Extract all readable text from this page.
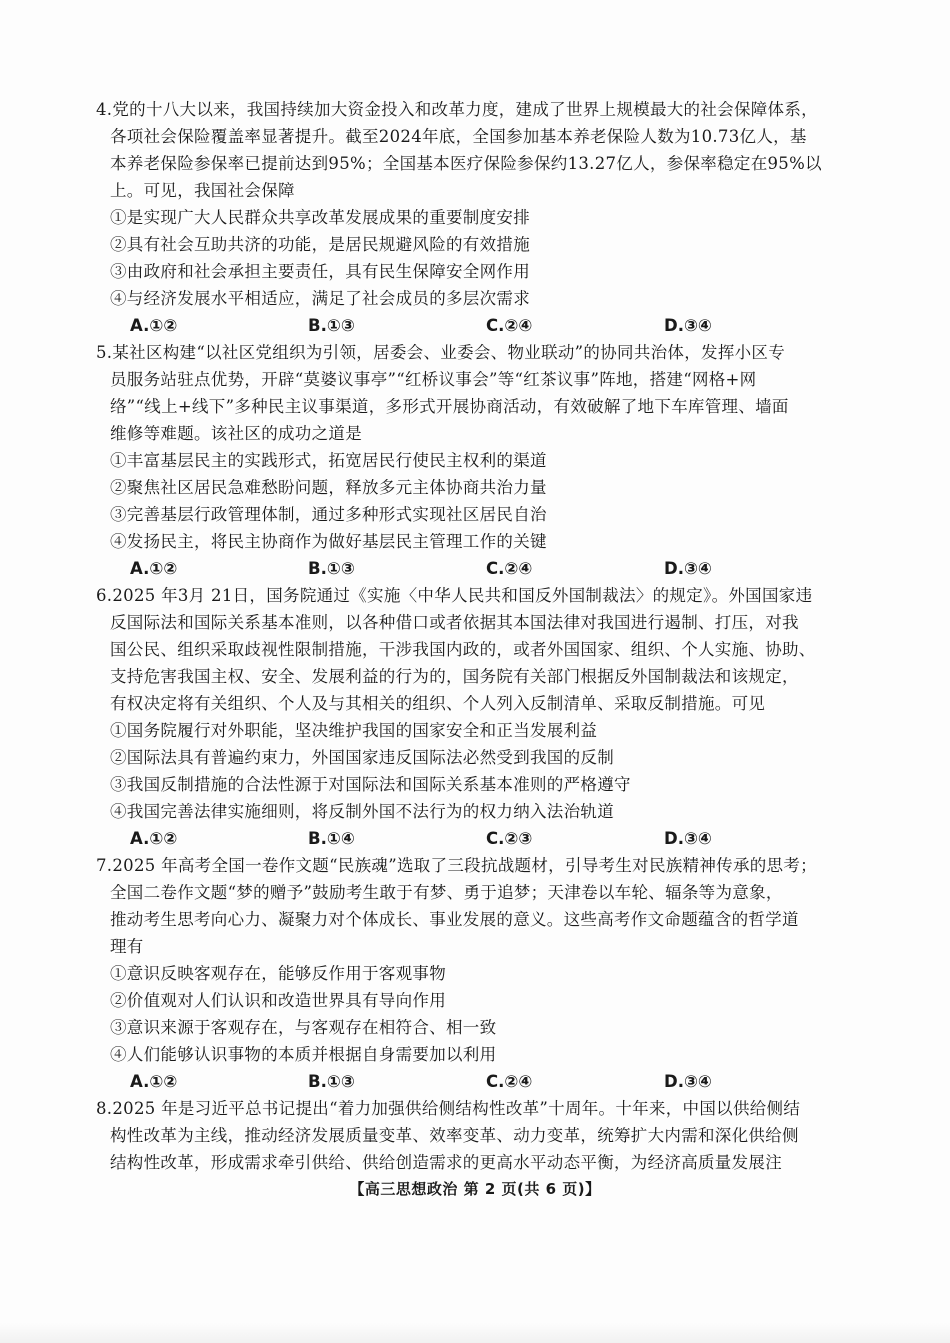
4.党的十八大以来，我国持续加大资金投入和改革力度，建成了世界上规模最大的社会保障体系，
各项社会保险覆盖率显著提升。截至2024年底，全国参加基本养老保险人数为10.73亿人，基
本养老保险参保率已提前达到95%；全国基本医疗保险参保约13.27亿人，参保率稳定在95%以
上。可见，我国社会保障
①是实现广大人民群众共享改革发展成果的重要制度安排
②具有社会互助共济的功能，是居民规避风险的有效措施
③由政府和社会承担主要责任，具有民生保障安全网作用
④与经济发展水平相适应，满足了社会成员的多层次需求
A.①②	B.①③	C.②④	D.③④
5.某社区构建“以社区党组织为引领，居委会、业委会、物业联动”的协同共治体，发挥小区专
员服务站驻点优势，开辟“莫婆议事亭”“红桥议事会”等“红茶议事”阵地，搭建“网格+网
络”“线上+线下”多种民主议事渠道，多形式开展协商活动，有效破解了地下车库管理、墙面
维修等难题。该社区的成功之道是
①丰富基层民主的实践形式，拓宽居民行使民主权利的渠道
②聚焦社区居民急难愁盼问题，释放多元主体协商共治力量
③完善基层行政管理体制，通过多种形式实现社区居民自治
④发扬民主，将民主协商作为做好基层民主管理工作的关键
A.①②	B.①③	C.②④	D.③④
6.2025 年3月 21日，国务院通过《实施〈中华人民共和国反外国制裁法〉的规定》。外国国家违
反国际法和国际关系基本准则，以各种借口或者依据其本国法律对我国进行遏制、打压，对我
国公民、组织采取歧视性限制措施，干涉我国内政的，或者外国国家、组织、个人实施、协助、
支持危害我国主权、安全、发展利益的行为的，国务院有关部门根据反外国制裁法和该规定，
有权决定将有关组织、个人及与其相关的组织、个人列入反制清单、采取反制措施。可见
①国务院履行对外职能，坚决维护我国的国家安全和正当发展利益
②国际法具有普遍约束力，外国国家违反国际法必然受到我国的反制
③我国反制措施的合法性源于对国际法和国际关系基本准则的严格遵守
④我国完善法律实施细则，将反制外国不法行为的权力纳入法治轨道
A.①②	B.①④	C.②③	D.③④
7.2025 年高考全国一卷作文题“民族魂”选取了三段抗战题材，引导考生对民族精神传承的思考；
全国二卷作文题“梦的赠予”鼓励考生敢于有梦、勇于追梦；天津卷以车轮、辐条等为意象，
推动考生思考向心力、凝聚力对个体成长、事业发展的意义。这些高考作文命题蕴含的哲学道
理有
①意识反映客观存在，能够反作用于客观事物
②价值观对人们认识和改造世界具有导向作用
③意识来源于客观存在，与客观存在相符合、相一致
④人们能够认识事物的本质并根据自身需要加以利用
A.①②	B.①③	C.②④	D.③④
8.2025 年是习近平总书记提出“着力加强供给侧结构性改革”十周年。十年来，中国以供给侧结
构性改革为主线，推动经济发展质量变革、效率变革、动力变革，统筹扩大内需和深化供给侧
结构性改革，形成需求牵引供给、供给创造需求的更高水平动态平衡，为经济高质量发展注
【高三思想政治 第 2 页(共 6 页)】
